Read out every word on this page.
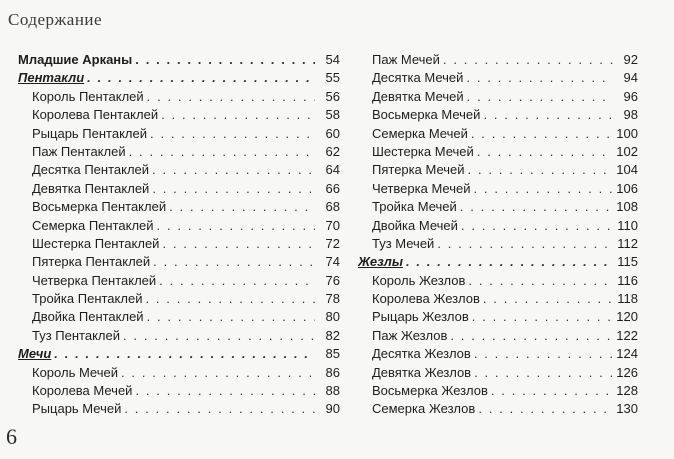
Содержание
Младшие Арканы . . .	54
Пентакли . . .	55
Король Пентаклей . . .	56
Королева Пентаклей . . .	58
Рыцарь Пентаклей . . .	60
Паж Пентаклей . . .	62
Десятка Пентаклей . . .	64
Девятка Пентаклей . . .	66
Восьмерка Пентаклей . . .	68
Семерка Пентаклей . . .	70
Шестерка Пентаклей . . .	72
Пятерка Пентаклей . . .	74
Четверка Пентаклей . . .	76
Тройка Пентаклей . . .	78
Двойка Пентаклей . . .	80
Туз Пентаклей . . .	82
Мечи . . .	85
Король Мечей . . .	86
Королева Мечей . . .	88
Рыцарь Мечей . . .	90
Паж Мечей . . .	92
Десятка Мечей . . .	94
Девятка Мечей . . .	96
Восьмерка Мечей . . .	98
Семерка Мечей . . .	100
Шестерка Мечей . . .	102
Пятерка Мечей . . .	104
Четверка Мечей . . .	106
Тройка Мечей . . .	108
Двойка Мечей . . .	110
Туз Мечей . . .	112
Жезлы . . .	115
Король Жезлов . . .	116
Королева Жезлов . . .	118
Рыцарь Жезлов . . .	120
Паж Жезлов . . .	122
Десятка Жезлов . . .	124
Девятка Жезлов . . .	126
Восьмерка Жезлов . . .	128
Семерка Жезлов . . .	130
6
